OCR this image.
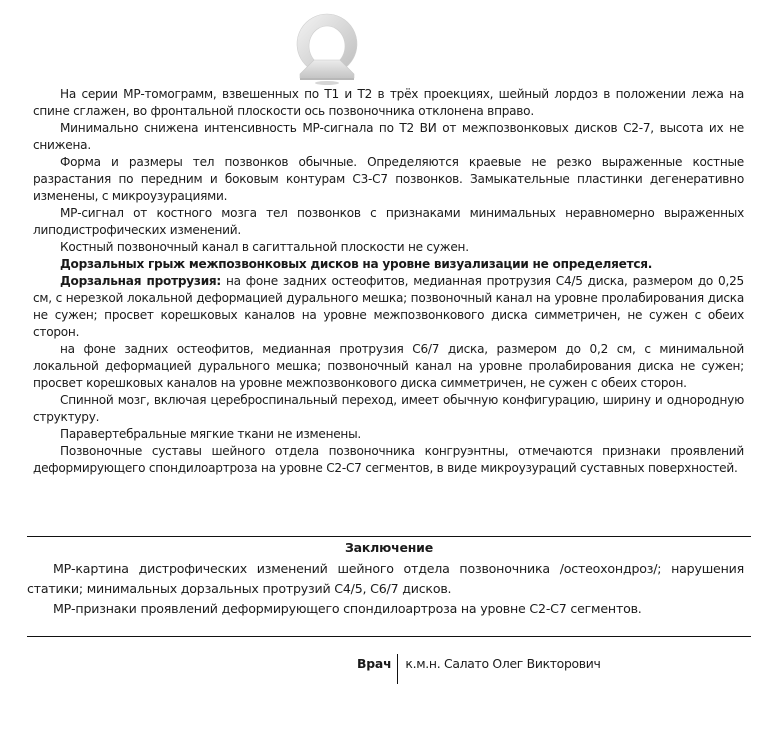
На серии МР-томограмм, взвешенных по T1 и T2 в трёх проекциях, шейный лордоз в положении лежа на спине сглажен, во фронтальной плоскости ось позвоночника отклонена вправо.

Минимально снижена интенсивность МР-сигнала по T2 ВИ от межпозвонковых дисков C2-7, высота их не снижена.

Форма и размеры тел позвонков обычные. Определяются краевые не резко выраженные костные разрастания по передним и боковым контурам C3-C7 позвонков. Замыкательные пластинки дегенеративно изменены, с микроузурациями.

МР-сигнал от костного мозга тел позвонков с признаками минимальных неравномерно выраженных липодистрофических изменений.

Костный позвоночный канал в сагиттальной плоскости не сужен.

Дорзальных грыж межпозвонковых дисков на уровне визуализации не определяется.

Дорзальная протрузия: на фоне задних остеофитов, медианная протрузия C4/5 диска, размером до 0,25 см, с нерезкой локальной деформацией дурального мешка; позвоночный канал на уровне пролабирования диска не сужен; просвет корешковых каналов на уровне межпозвонкового диска симметричен, не сужен с обеих сторон.

на фоне задних остеофитов, медианная протрузия C6/7 диска, размером до 0,2 см, с минимальной локальной деформацией дурального мешка; позвоночный канал на уровне пролабирования диска не сужен; просвет корешковых каналов на уровне межпозвонкового диска симметричен, не сужен с обеих сторон.

Спинной мозг, включая цереброспинальный переход, имеет обычную конфигурацию, ширину и однородную структуру.

Паравертебральные мягкие ткани не изменены.

Позвоночные суставы шейного отдела позвоночника конгруэнтны, отмечаются признаки проявлений деформирующего спондилоартроза на уровне C2-C7 сегментов, в виде микроузураций суставных поверхностей.

Заключение

МР-картина дистрофических изменений шейного отдела позвоночника /остеохондроз/; нарушения статики; минимальных дорзальных протрузий C4/5, C6/7 дисков.

МР-признаки проявлений деформирующего спондилоартроза на уровне C2-C7 сегментов.

Врач	к.м.н. Салато Олег Викторович
